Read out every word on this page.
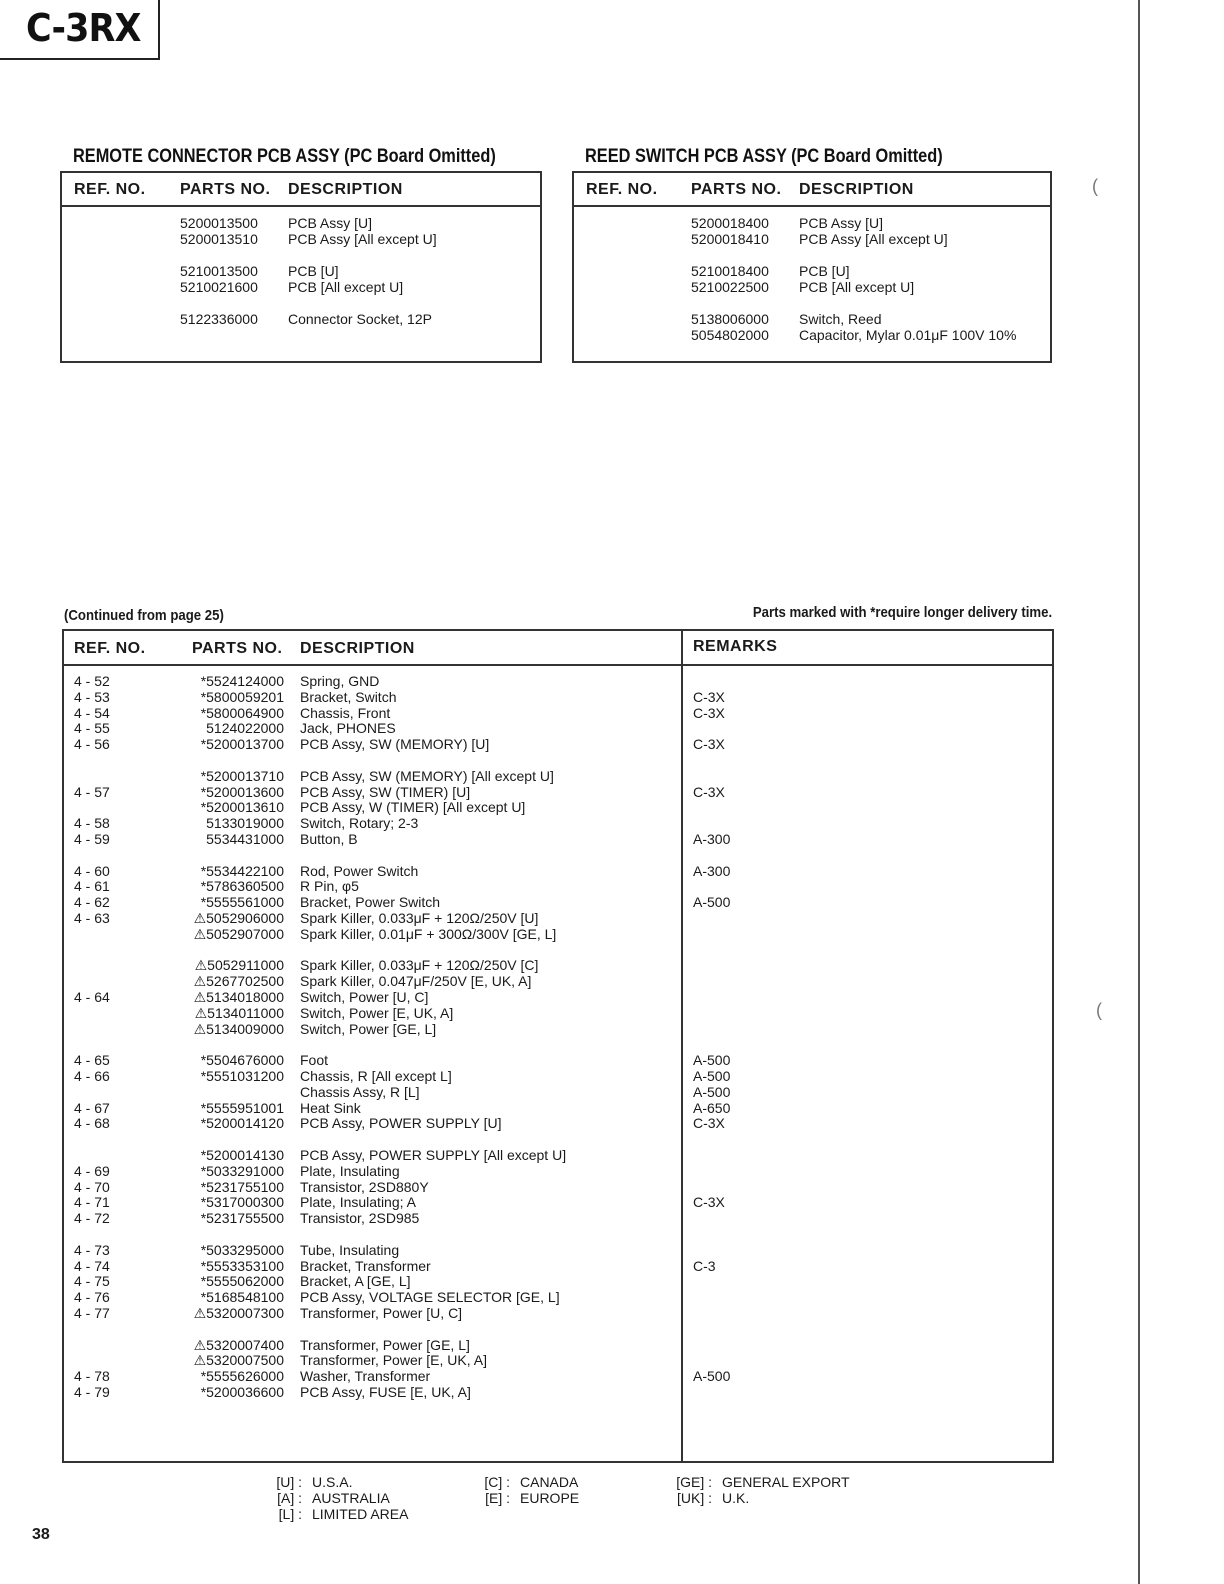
C-3RX
(
(
REMOTE CONNECTOR PCB ASSY (PC Board Omitted)
REF. NO. PARTS NO. DESCRIPTION
5200013500 PCB Assy [U]
5200013510 PCB Assy [All except U]
5210013500 PCB [U]
5210021600 PCB [All except U]
5122336000 Connector Socket, 12P
REED SWITCH PCB ASSY (PC Board Omitted)
REF. NO. PARTS NO. DESCRIPTION
5200018400 PCB Assy [U]
5200018410 PCB Assy [All except U]
5210018400 PCB [U]
5210022500 PCB [All except U]
5138006000 Switch, Reed
5054802000 Capacitor, Mylar 0.01μF 100V 10%
(Continued from page 25)	Parts marked with *require longer delivery time.
REF. NO.	PARTS NO. DESCRIPTION	REMARKS
4 - 52	*5524124000 Spring, GND
4 - 53	*5800059201 Bracket, Switch	C-3X
4 - 54	*5800064900 Chassis, Front	C-3X
4 - 55	5124022000 Jack, PHONES
4 - 56	*5200013700 PCB Assy, SW (MEMORY) [U]	C-3X
*5200013710 PCB Assy, SW (MEMORY) [All except U]
4 - 57	*5200013600 PCB Assy, SW (TIMER) [U]	C-3X
*5200013610 PCB Assy, W (TIMER) [All except U]
4 - 58	5133019000 Switch, Rotary; 2-3
4 - 59	5534431000 Button, B	A-300
4 - 60	*5534422100 Rod, Power Switch	A-300
4 - 61	*5786360500 R Pin, φ5
4 - 62	*5555561000 Bracket, Power Switch	A-500
4 - 63	⚠5052906000 Spark Killer, 0.033μF + 120Ω/250V [U]
⚠5052907000 Spark Killer, 0.01μF + 300Ω/300V [GE, L]
⚠5052911000 Spark Killer, 0.033μF + 120Ω/250V [C]
⚠5267702500 Spark Killer, 0.047μF/250V [E, UK, A]
4 - 64	⚠5134018000 Switch, Power [U, C]
⚠5134011000 Switch, Power [E, UK, A]
⚠5134009000 Switch, Power [GE, L]
4 - 65	*5504676000 Foot	A-500
4 - 66	*5551031200 Chassis, R [All except L]	A-500
Chassis Assy, R [L]	A-500
4 - 67	*5555951001 Heat Sink	A-650
4 - 68	*5200014120 PCB Assy, POWER SUPPLY [U]	C-3X
*5200014130 PCB Assy, POWER SUPPLY [All except U]
4 - 69	*5033291000 Plate, Insulating
4 - 70	*5231755100 Transistor, 2SD880Y
4 - 71	*5317000300 Plate, Insulating; A	C-3X
4 - 72	*5231755500 Transistor, 2SD985
4 - 73	*5033295000 Tube, Insulating
4 - 74	*5553353100 Bracket, Transformer	C-3
4 - 75	*5555062000 Bracket, A [GE, L]
4 - 76	*5168548100 PCB Assy, VOLTAGE SELECTOR [GE, L]
4 - 77	⚠5320007300 Transformer, Power [U, C]
⚠5320007400 Transformer, Power [GE, L]
⚠5320007500 Transformer, Power [E, UK, A]
4 - 78	*5555626000 Washer, Transformer	A-500
4 - 79	*5200036600 PCB Assy, FUSE [E, UK, A]
[U] : U.S.A.
[A] : AUSTRALIA
[L] : LIMITED AREA
[C] : CANADA
[E] : EUROPE
[GE] : GENERAL EXPORT
[UK] : U.K.
38
